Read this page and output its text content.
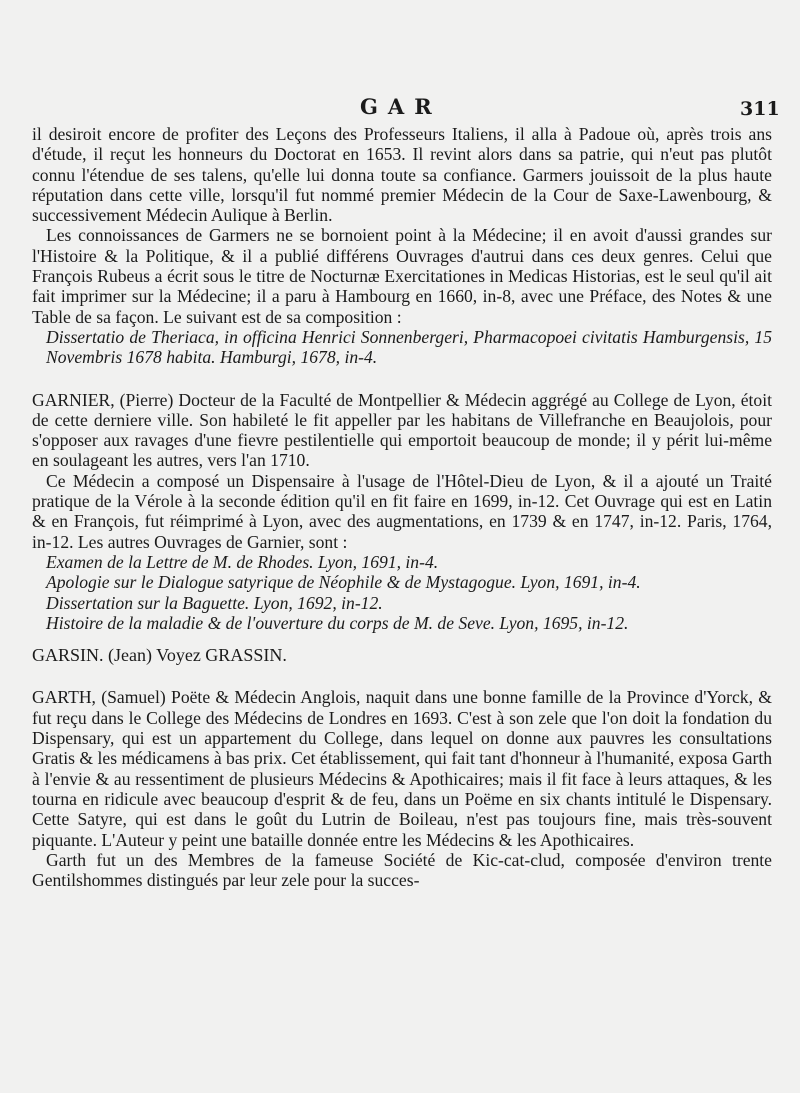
GAR	311

il desiroit encore de profiter des Leçons des Professeurs Italiens, il alla à Padoue où, après trois ans d'étude, il reçut les honneurs du Doctorat en 1653. Il revint alors dans sa patrie, qui n'eut pas plutôt connu l'étendue de ses talens, qu'elle lui donna toute sa confiance. Garmers jouissoit de la plus haute réputation dans cette ville, lorsqu'il fut nommé premier Médecin de la Cour de Saxe-Lawenbourg, & successivement Médecin Aulique à Berlin.

Les connoissances de Garmers ne se bornoient point à la Médecine; il en avoit d'aussi grandes sur l'Histoire & la Politique, & il a publié différens Ouvrages d'autrui dans ces deux genres. Celui que François Rubeus a écrit sous le titre de Nocturnæ Exercitationes in Medicas Historias, est le seul qu'il ait fait imprimer sur la Médecine; il a paru à Hambourg en 1660, in-8, avec une Préface, des Notes & une Table de sa façon. Le suivant est de sa composition :

Dissertatio de Theriaca, in officina Henrici Sonnenbergeri, Pharmacopoei civitatis Hamburgensis, 15 Novembris 1678 habita. Hamburgi, 1678, in-4.

GARNIER, (Pierre) Docteur de la Faculté de Montpellier & Médecin aggrégé au College de Lyon, étoit de cette derniere ville. Son habileté le fit appeller par les habitans de Villefranche en Beaujolois, pour s'opposer aux ravages d'une fievre pestilentielle qui emportoit beaucoup de monde; il y périt lui-même en soulageant les autres, vers l'an 1710.

Ce Médecin a composé un Dispensaire à l'usage de l'Hôtel-Dieu de Lyon, & il a ajouté un Traité pratique de la Vérole à la seconde édition qu'il en fit faire en 1699, in-12. Cet Ouvrage qui est en Latin & en François, fut réimprimé à Lyon, avec des augmentations, en 1739 & en 1747, in-12. Paris, 1764, in-12. Les autres Ouvrages de Garnier, sont :

Examen de la Lettre de M. de Rhodes. Lyon, 1691, in-4.

Apologie sur le Dialogue satyrique de Néophile & de Mystagogue. Lyon, 1691, in-4.

Dissertation sur la Baguette. Lyon, 1692, in-12.

Histoire de la maladie & de l'ouverture du corps de M. de Seve. Lyon, 1695, in-12.

GARSIN. (Jean) Voyez GRASSIN.

GARTH, (Samuel) Poëte & Médecin Anglois, naquit dans une bonne famille de la Province d'Yorck, & fut reçu dans le College des Médecins de Londres en 1693. C'est à son zele que l'on doit la fondation du Dispensary, qui est un appartement du College, dans lequel on donne aux pauvres les consultations Gratis & les médicamens à bas prix. Cet établissement, qui fait tant d'honneur à l'humanité, exposa Garth à l'envie & au ressentiment de plusieurs Médecins & Apothicaires; mais il fit face à leurs attaques, & les tourna en ridicule avec beaucoup d'esprit & de feu, dans un Poëme en six chants intitulé le Dispensary. Cette Satyre, qui est dans le goût du Lutrin de Boileau, n'est pas toujours fine, mais très-souvent piquante. L'Auteur y peint une bataille donnée entre les Médecins & les Apothicaires.

Garth fut un des Membres de la fameuse Société de Kic-cat-clud, composée d'environ trente Gentilshommes distingués par leur zele pour la succes-
